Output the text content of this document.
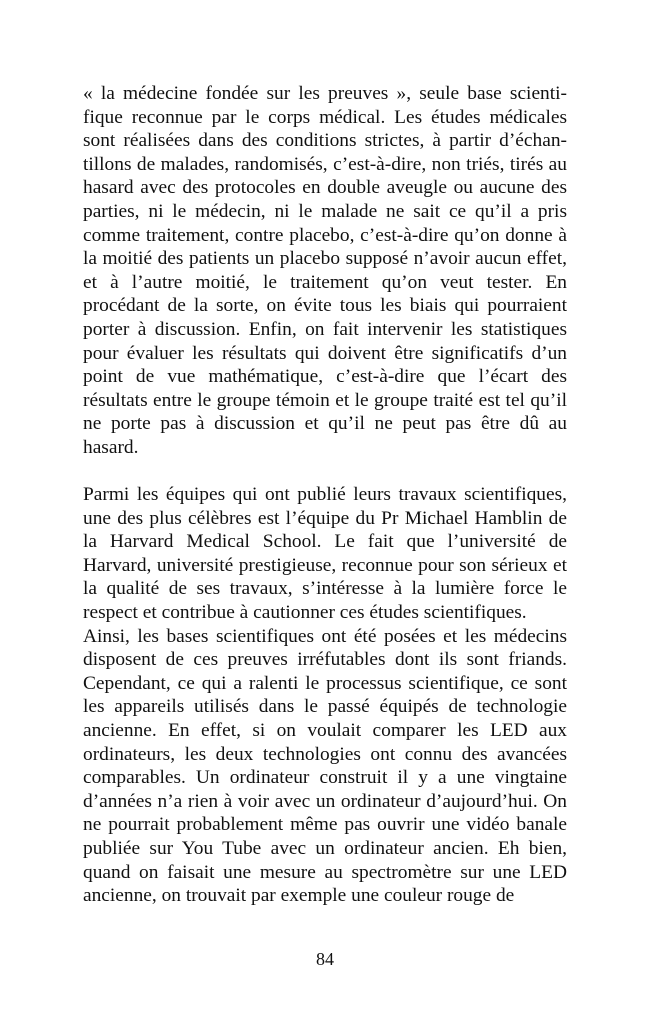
« la médecine fondée sur les preuves », seule base scientifique reconnue par le corps médical. Les études médicales sont réalisées dans des conditions strictes, à partir d’échantillons de malades, randomisés, c’est-à-dire, non triés, tirés au hasard avec des protocoles en double aveugle ou aucune des parties, ni le médecin, ni le malade ne sait ce qu’il a pris comme traitement, contre placebo, c’est-à-dire qu’on donne à la moitié des patients un placebo supposé n’avoir aucun effet, et à l’autre moitié, le traitement qu’on veut tester. En procédant de la sorte, on évite tous les biais qui pourraient porter à discussion. Enfin, on fait intervenir les statistiques pour évaluer les résultats qui doivent être significatifs d’un point de vue mathématique, c’est-à-dire que l’écart des résultats entre le groupe témoin et le groupe traité est tel qu’il ne porte pas à discussion et qu’il ne peut pas être dû au hasard.

Parmi les équipes qui ont publié leurs travaux scientifiques, une des plus célèbres est l’équipe du Pr Michael Hamblin de la Harvard Medical School. Le fait que l’université de Harvard, université prestigieuse, reconnue pour son sérieux et la qualité de ses travaux, s’intéresse à la lumière force le respect et contribue à cautionner ces études scientifiques.

Ainsi, les bases scientifiques ont été posées et les médecins disposent de ces preuves irréfutables dont ils sont friands. Cependant, ce qui a ralenti le processus scientifique, ce sont les appareils utilisés dans le passé équipés de technologie ancienne. En effet, si on voulait comparer les LED aux ordinateurs, les deux technologies ont connu des avancées comparables. Un ordinateur construit il y a une vingtaine d’années n’a rien à voir avec un ordinateur d’aujourd’hui. On ne pourrait probablement même pas ouvrir une vidéo banale publiée sur You Tube avec un ordinateur ancien. Eh bien, quand on faisait une mesure au spectromètre sur une LED ancienne, on trouvait par exemple une couleur rouge de

84
